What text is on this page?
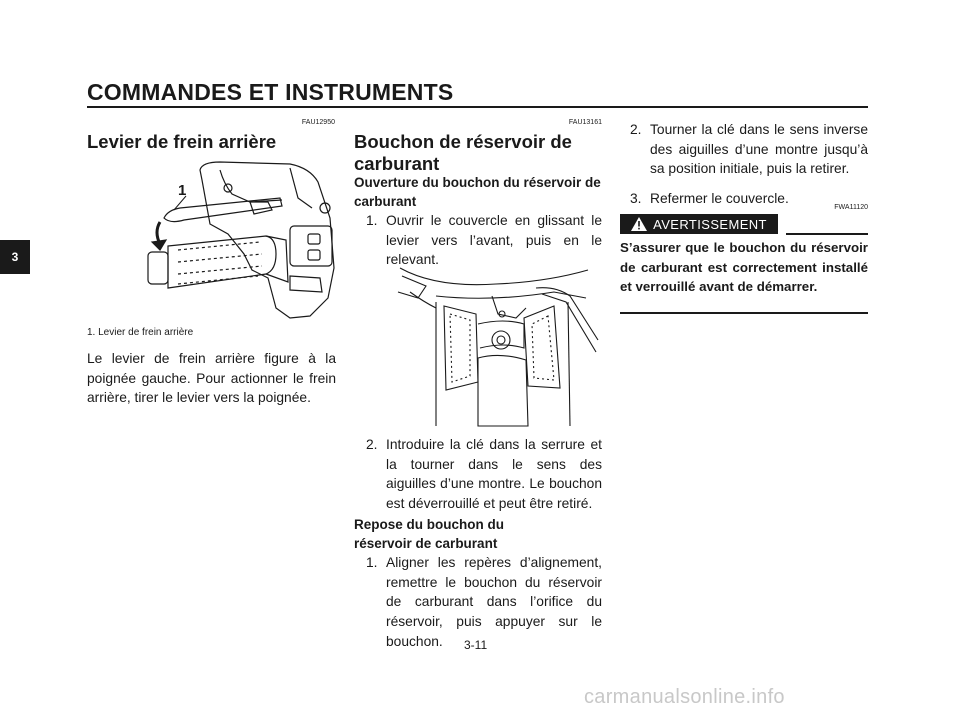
COMMANDES ET INSTRUMENTS
3
FAU12950
Levier de frein arrière
1
1. Levier de frein arrière
Le levier de frein arrière figure à la poignée gauche. Pour actionner le frein arrière, tirer le levier vers la poignée.
FAU13161
Bouchon de réservoir de carburant
Ouverture du bouchon du réservoir de carburant
1. Ouvrir le couvercle en glissant le levier vers l’avant, puis en le relevant.
2. Introduire la clé dans la serrure et la tourner dans le sens des aiguilles d’une montre. Le bouchon est déverrouillé et peut être retiré.
Repose du bouchon du réservoir de carburant
1. Aligner les repères d’alignement, remettre le bouchon du réservoir de carburant dans l’orifice du réservoir, puis appuyer sur le bouchon.
2. Tourner la clé dans le sens inverse des aiguilles d’une montre jusqu’à sa position initiale, puis la retirer.
3. Refermer le couvercle.
FWA11120
AVERTISSEMENT
S’assurer que le bouchon du réservoir de carburant est correctement installé et verrouillé avant de démarrer.
3-11
carmanualsonline.info
